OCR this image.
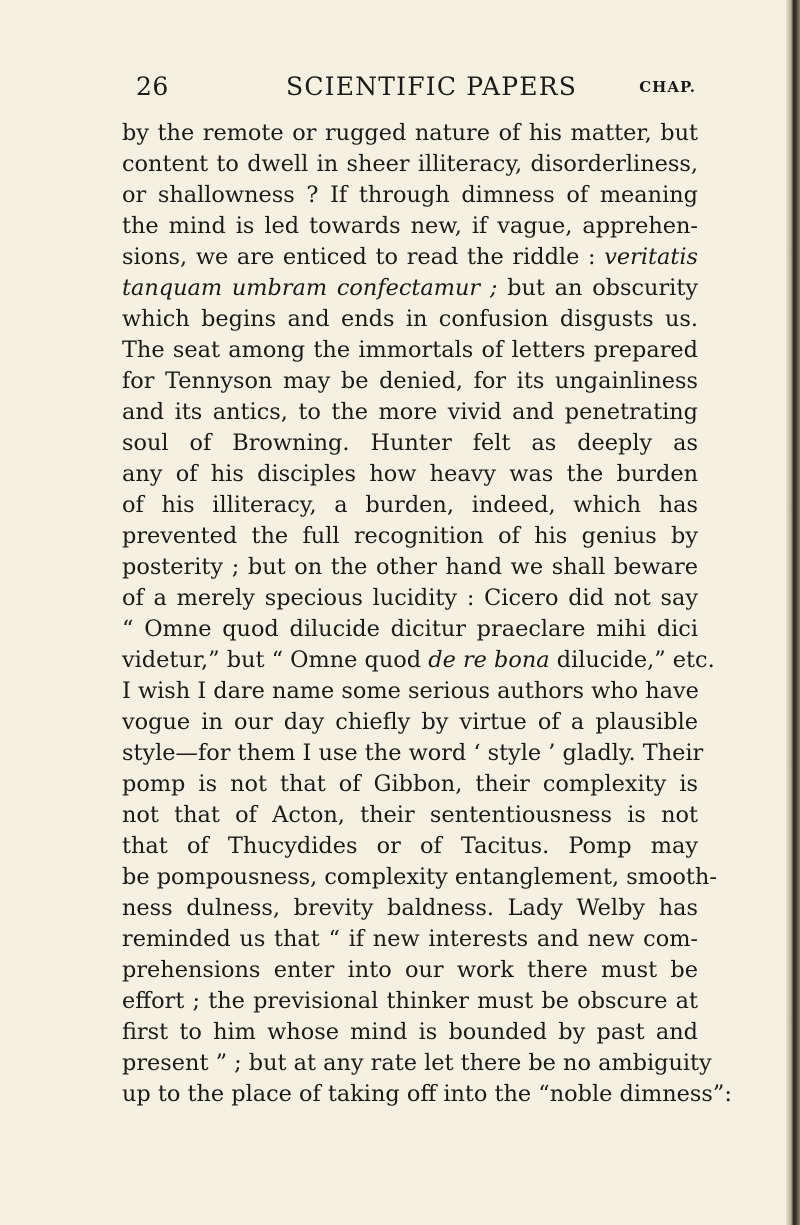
26	SCIENTIFIC PAPERS	CHAP.
by the remote or rugged nature of his matter, but
content to dwell in sheer illiteracy, disorderliness,
or shallowness ? If through dimness of meaning
the mind is led towards new, if vague, apprehen-
sions, we are enticed to read the riddle : veritatis
tanquam umbram confectamur ; but an obscurity
which begins and ends in confusion disgusts us.
The seat among the immortals of letters prepared
for Tennyson may be denied, for its ungainliness
and its antics, to the more vivid and penetrating
soul of Browning. Hunter felt as deeply as
any of his disciples how heavy was the burden
of his illiteracy, a burden, indeed, which has
prevented the full recognition of his genius by
posterity ; but on the other hand we shall beware
of a merely specious lucidity : Cicero did not say
“ Omne quod dilucide dicitur praeclare mihi dici
videtur,” but “ Omne quod de re bona dilucide,” etc.
I wish I dare name some serious authors who have
vogue in our day chiefly by virtue of a plausible
style—for them I use the word ‘ style ’ gladly. Their
pomp is not that of Gibbon, their complexity is
not that of Acton, their sententiousness is not
that of Thucydides or of Tacitus. Pomp may
be pompousness, complexity entanglement, smooth-
ness dulness, brevity baldness. Lady Welby has
reminded us that “ if new interests and new com-
prehensions enter into our work there must be
effort ; the previsional thinker must be obscure at
first to him whose mind is bounded by past and
present ” ; but at any rate let there be no ambiguity
up to the place of taking off into the “noble dimness”:
